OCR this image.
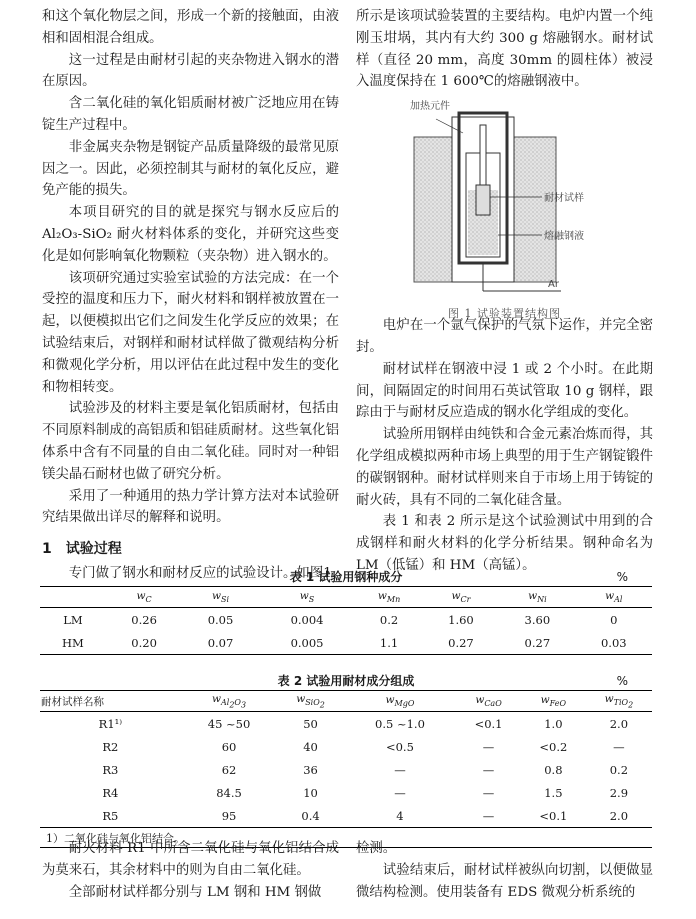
和这个氧化物层之间，形成一个新的接触面，由液相和固相混合组成。

这一过程是由耐材引起的夹杂物进入钢水的潜在原因。

含二氧化硅的氧化铝质耐材被广泛地应用在铸锭生产过程中。

非金属夹杂物是钢锭产品质量降级的最常见原因之一。因此，必须控制其与耐材的氧化反应，避免产能的损失。

本项目研究的目的就是探究与钢水反应后的Al₂O₃-SiO₂ 耐火材料体系的变化，并研究这些变化是如何影响氧化物颗粒（夹杂物）进入钢水的。

该项研究通过实验室试验的方法完成：在一个受控的温度和压力下，耐火材料和钢样被放置在一起，以便模拟出它们之间发生化学反应的效果；在试验结束后，对钢样和耐材试样做了微观结构分析和微观化学分析，用以评估在此过程中发生的变化和物相转变。

试验涉及的材料主要是氧化铝质耐材，包括由不同原料制成的高铝质和铝硅质耐材。这些氧化铝体系中含有不同量的自由二氧化硅。同时对一种铝镁尖晶石耐材也做了研究分析。

采用了一种通用的热力学计算方法对本试验研究结果做出详尽的解释和说明。

1 试验过程

专门做了钢水和耐材反应的试验设计。如图1

所示是该项试验装置的主要结构。电炉内置一个纯刚玉坩埚，其内有大约 300 g 熔融钢水。耐材试样（直径 20 mm，高度 30mm 的圆柱体）被浸入温度保持在 1 600℃的熔融钢液中。

加热元件
耐材试样
熔融钢液
Ar
图 1 试验装置结构图

电炉在一个氩气保护的气氛下运作，并完全密封。

耐材试样在钢液中浸 1 或 2 个小时。在此期间，间隔固定的时间用石英试管取 10 g 钢样，跟踪由于与耐材反应造成的钢水化学组成的变化。

试验所用钢样由纯铁和合金元素冶炼而得，其化学组成模拟两种市场上典型的用于生产钢锭锻件的碳钢钢种。耐材试样则来自于市场上用于铸锭的耐火砖，具有不同的二氧化硅含量。

表 1 和表 2 所示是这个试验测试中用到的合成钢样和耐火材料的化学分析结果。钢种命名为 LM（低锰）和 HM（高锰）。

表 1 试验用钢种成分	%
	$w_C$	$w_{Si}$	$w_S$	$w_{Mn}$	$w_{Cr}$	$w_{Ni}$	$w_{Al}$
LM	0.26	0.05	0.004	0.2	1.60	3.60	0
HM	0.20	0.07	0.005	1.1	0.27	0.27	0.03
表 2 试验用耐材成分组成	%
耐材试样名称	$w_{Al_2O_3}$	$w_{SiO_2}$	$w_{MgO}$	$w_{CaO}$	$w_{FeO}$	$w_{TiO_2}$
R1¹⁾	45 ~50	50	0.5 ~1.0	<0.1	1.0	2.0
R2	60	40	<0.5	—	<0.2	—
R3	62	36	—	—	0.8	0.2
R4	84.5	10	—	—	1.5	2.9
R5	95	0.4	4	—	<0.1	2.0
1）二氧化硅与氧化铝结合。

耐火材料 R1 中所含二氧化硅与氧化铝结合成为莫来石，其余材料中的则为自由二氧化硅。

全部耐材试样都分别与 LM 钢和 HM 钢做

检测。

试验结束后，耐材试样被纵向切割，以便做显微结构检测。使用装备有 EDS 微观分析系统的
